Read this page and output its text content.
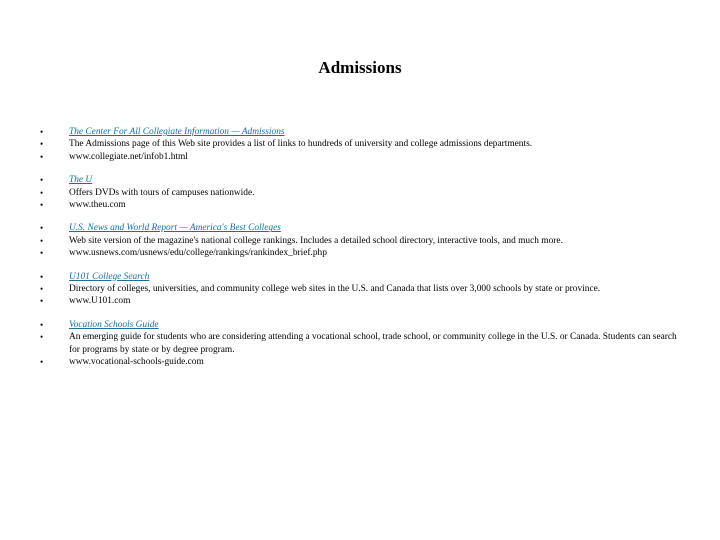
Admissions
•	The Center For All Collegiate Information — Admissions
•	The Admissions page of this Web site provides a list of links to hundreds of university and college admissions departments.
•	www.collegiate.net/infob1.html
•	The U
•	Offers DVDs with tours of campuses nationwide.
•	www.theu.com
•	U.S. News and World Report — America's Best Colleges
•	Web site version of the magazine's national college rankings. Includes a detailed school directory, interactive tools, and much more.
•	www.usnews.com/usnews/edu/college/rankings/rankindex_brief.php
•	U101 College Search
•	Directory of colleges, universities, and community college web sites in the U.S. and Canada that lists over 3,000 schools by state or province.
•	www.U101.com
•	Vocation Schools Guide
•	An emerging guide for students who are considering attending a vocational school, trade school, or community college in the U.S. or Canada. Students can search for programs by state or by degree program.
•	www.vocational-schools-guide.com
